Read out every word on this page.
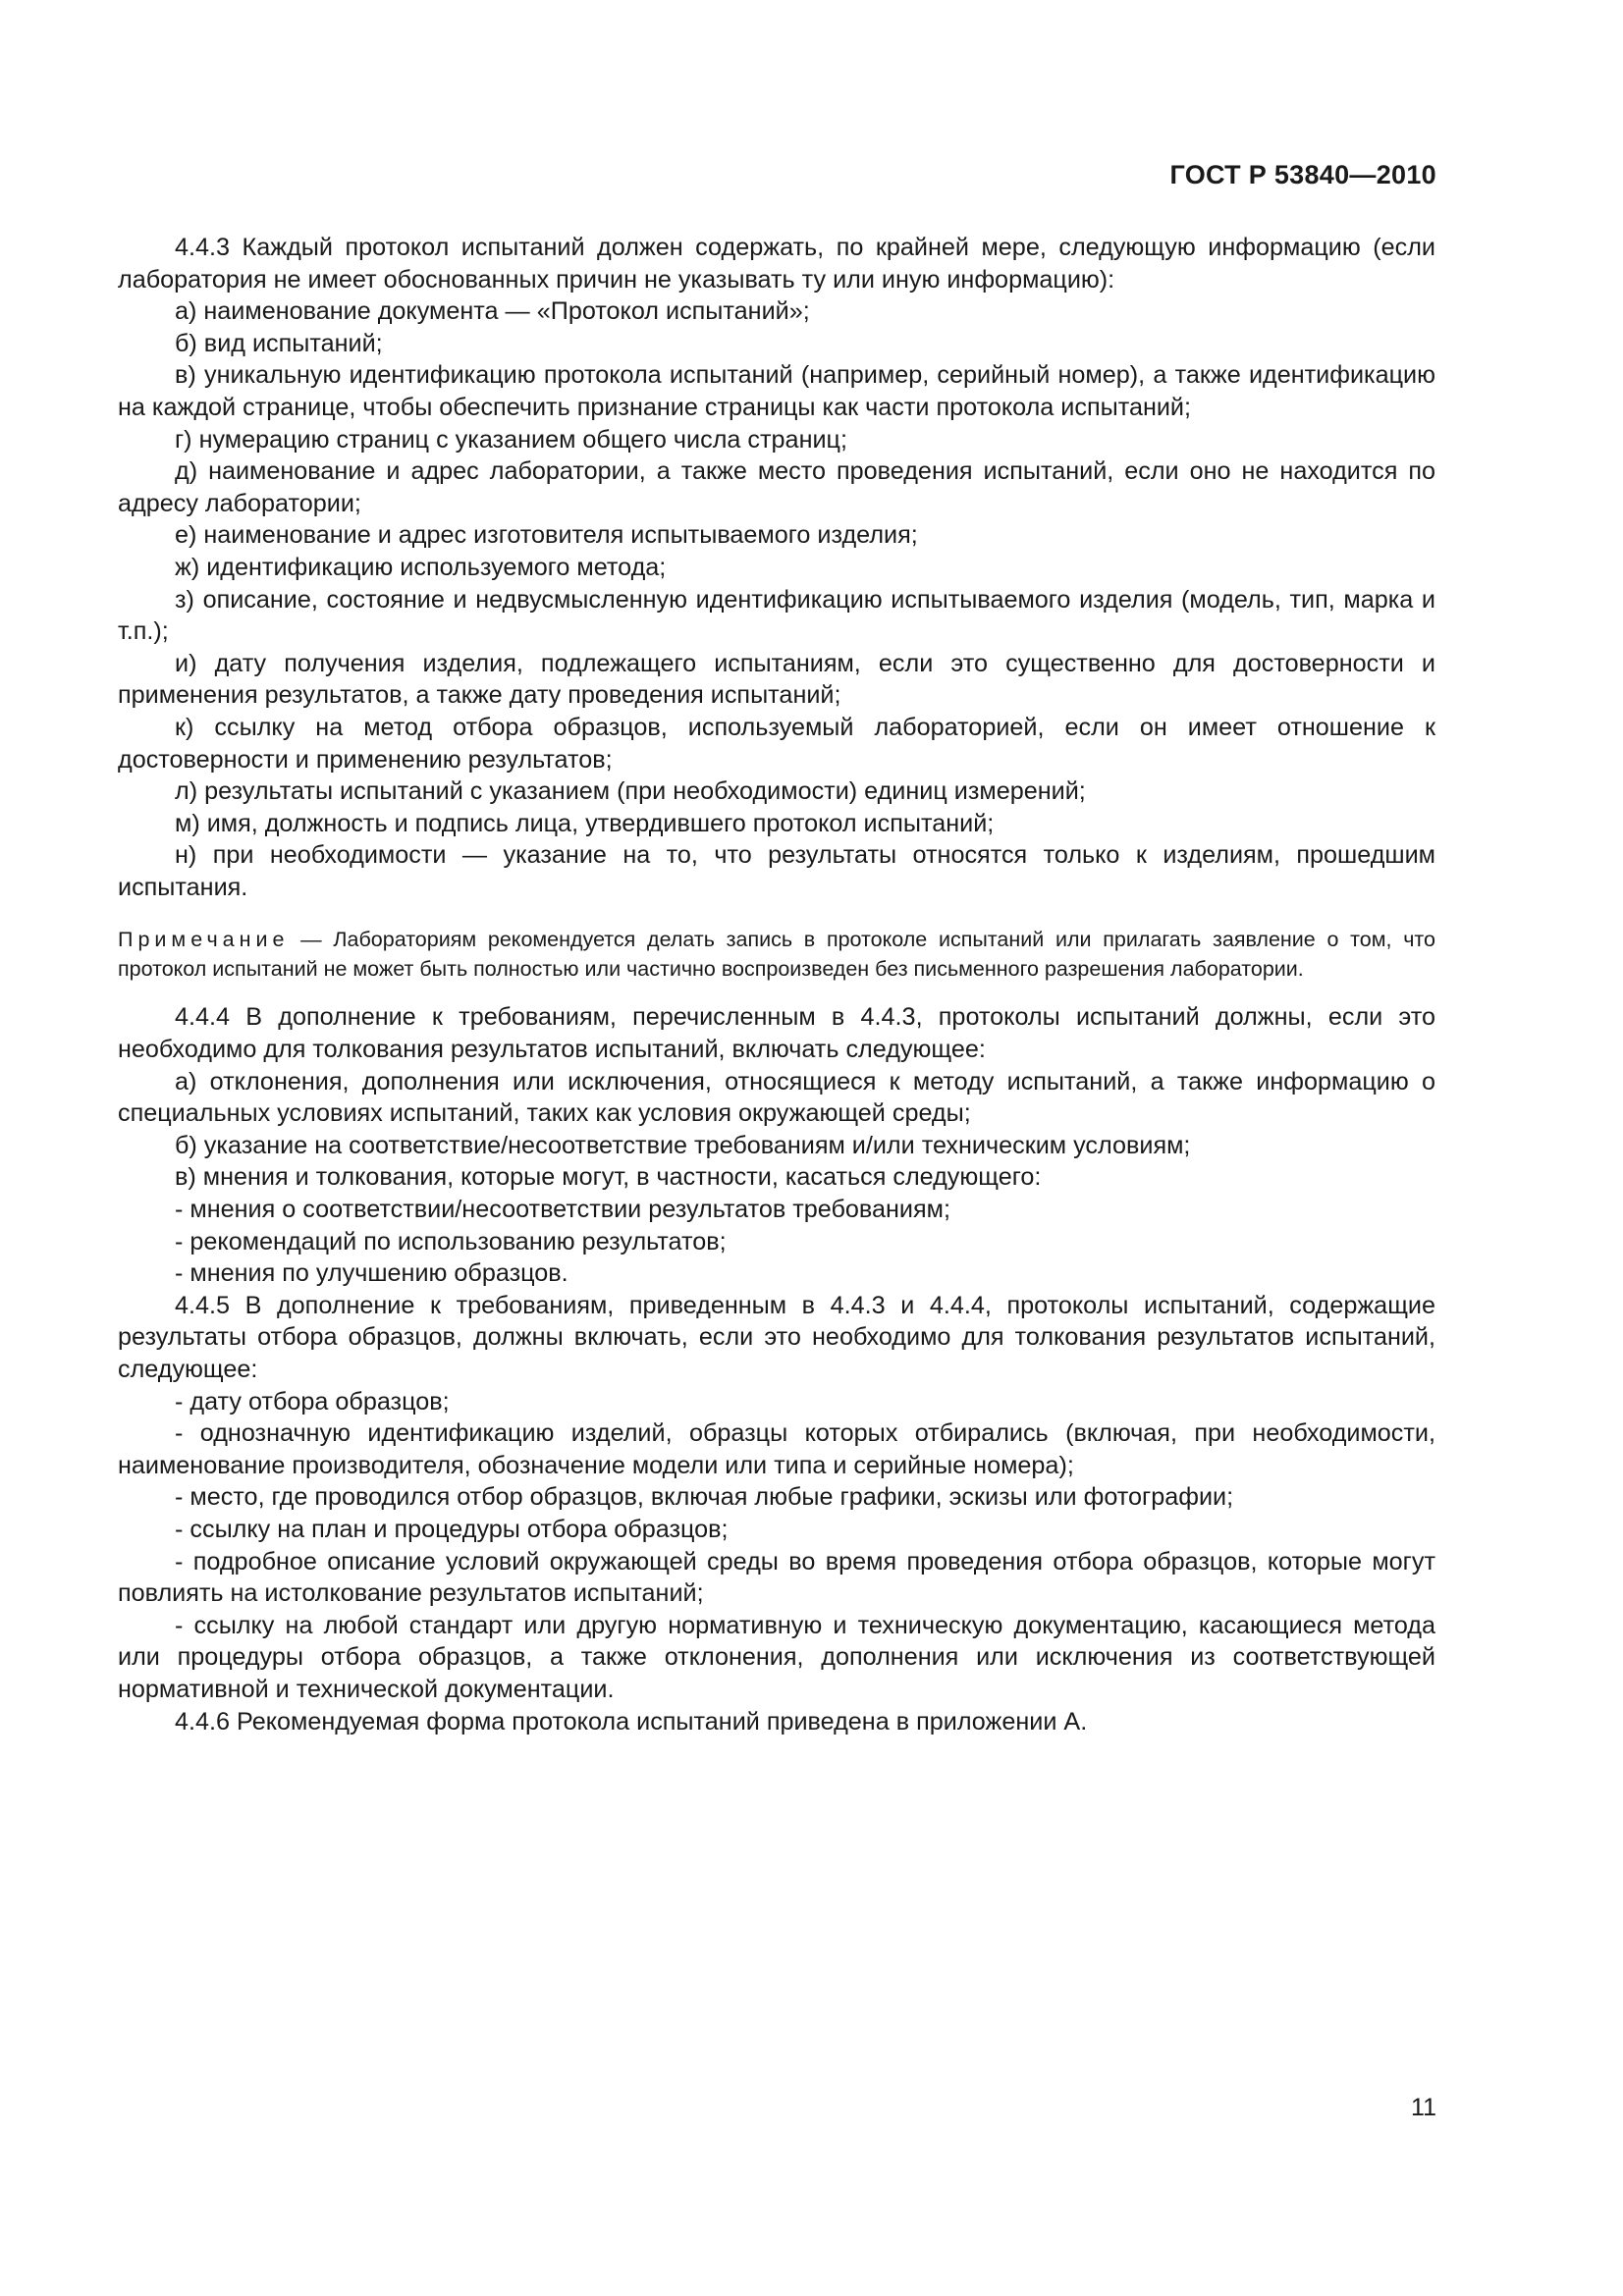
ГОСТ Р 53840—2010

4.4.3 Каждый протокол испытаний должен содержать, по крайней мере, следующую информацию (если лаборатория не имеет обоснованных причин не указывать ту или иную информацию):

а) наименование документа — «Протокол испытаний»;

б) вид испытаний;

в) уникальную идентификацию протокола испытаний (например, серийный номер), а также идентификацию на каждой странице, чтобы обеспечить признание страницы как части протокола испытаний;

г) нумерацию страниц с указанием общего числа страниц;

д) наименование и адрес лаборатории, а также место проведения испытаний, если оно не находится по адресу лаборатории;

е) наименование и адрес изготовителя испытываемого изделия;

ж) идентификацию используемого метода;

з) описание, состояние и недвусмысленную идентификацию испытываемого изделия (модель, тип, марка и т.п.);

и) дату получения изделия, подлежащего испытаниям, если это существенно для достоверности и применения результатов, а также дату проведения испытаний;

к) ссылку на метод отбора образцов, используемый лабораторией, если он имеет отношение к достоверности и применению результатов;

л) результаты испытаний с указанием (при необходимости) единиц измерений;

м) имя, должность и подпись лица, утвердившего протокол испытаний;

н) при необходимости — указание на то, что результаты относятся только к изделиям, прошедшим испытания.

Примечание — Лабораториям рекомендуется делать запись в протоколе испытаний или прилагать заявление о том, что протокол испытаний не может быть полностью или частично воспроизведен без письменного разрешения лаборатории.

4.4.4 В дополнение к требованиям, перечисленным в 4.4.3, протоколы испытаний должны, если это необходимо для толкования результатов испытаний, включать следующее:

а) отклонения, дополнения или исключения, относящиеся к методу испытаний, а также информацию о специальных условиях испытаний, таких как условия окружающей среды;

б) указание на соответствие/несоответствие требованиям и/или техническим условиям;

в) мнения и толкования, которые могут, в частности, касаться следующего:

- мнения о соответствии/несоответствии результатов требованиям;

- рекомендаций по использованию результатов;

- мнения по улучшению образцов.

4.4.5 В дополнение к требованиям, приведенным в 4.4.3 и 4.4.4, протоколы испытаний, содержащие результаты отбора образцов, должны включать, если это необходимо для толкования результатов испытаний, следующее:

- дату отбора образцов;

- однозначную идентификацию изделий, образцы которых отбирались (включая, при необходимости, наименование производителя, обозначение модели или типа и серийные номера);

- место, где проводился отбор образцов, включая любые графики, эскизы или фотографии;

- ссылку на план и процедуры отбора образцов;

- подробное описание условий окружающей среды во время проведения отбора образцов, которые могут повлиять на истолкование результатов испытаний;

- ссылку на любой стандарт или другую нормативную и техническую документацию, касающиеся метода или процедуры отбора образцов, а также отклонения, дополнения или исключения из соответствующей нормативной и технической документации.

4.4.6 Рекомендуемая форма протокола испытаний приведена в приложении А.

11
